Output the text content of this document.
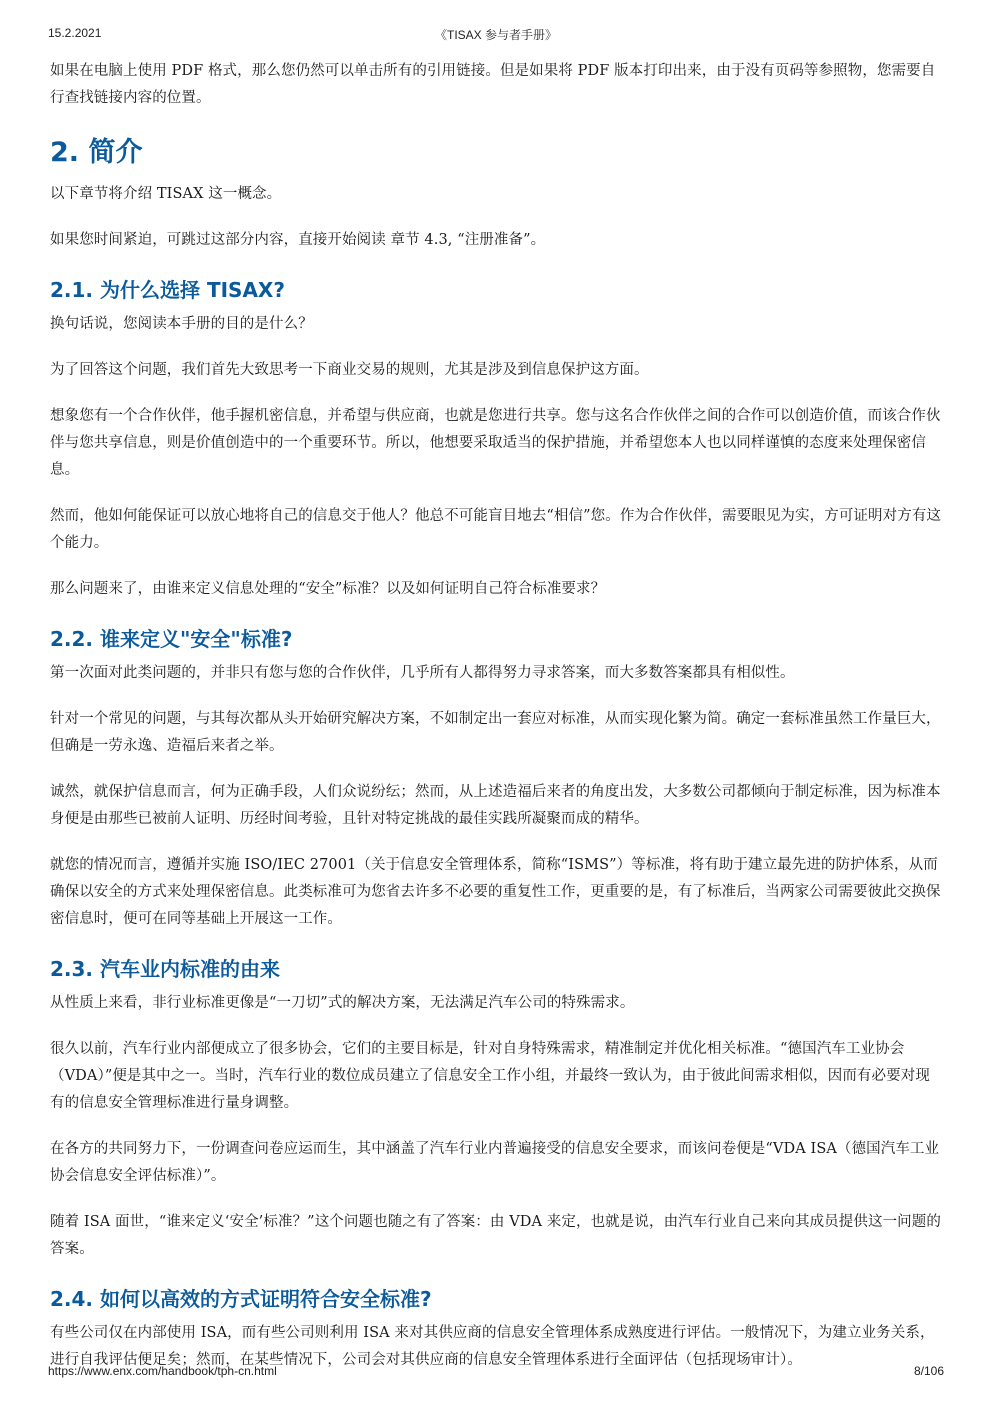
15.2.2021	《TISAX 参与者手册》

如果在电脑上使用 PDF 格式，那么您仍然可以单击所有的引用链接。但是如果将 PDF 版本打印出来，由于没有页码等参照物，您需要自行查找链接内容的位置。

2. 简介

以下章节将介绍 TISAX 这一概念。

如果您时间紧迫，可跳过这部分内容，直接开始阅读 章节 4.3, “注册准备”。

2.1. 为什么选择 TISAX?

换句话说，您阅读本手册的目的是什么？

为了回答这个问题，我们首先大致思考一下商业交易的规则，尤其是涉及到信息保护这方面。

想象您有一个合作伙伴，他手握机密信息，并希望与供应商，也就是您进行共享。您与这名合作伙伴之间的合作可以创造价值，而该合作伙伴与您共享信息，则是价值创造中的一个重要环节。所以，他想要采取适当的保护措施，并希望您本人也以同样谨慎的态度来处理保密信息。

然而，他如何能保证可以放心地将自己的信息交于他人？他总不可能盲目地去“相信”您。作为合作伙伴，需要眼见为实，方可证明对方有这个能力。

那么问题来了，由谁来定义信息处理的“安全”标准？以及如何证明自己符合标准要求？

2.2. 谁来定义"安全"标准?

第一次面对此类问题的，并非只有您与您的合作伙伴，几乎所有人都得努力寻求答案，而大多数答案都具有相似性。

针对一个常见的问题，与其每次都从头开始研究解决方案，不如制定出一套应对标准，从而实现化繁为简。确定一套标准虽然工作量巨大，但确是一劳永逸、造福后来者之举。

诚然，就保护信息而言，何为正确手段，人们众说纷纭；然而，从上述造福后来者的角度出发，大多数公司都倾向于制定标准，因为标准本身便是由那些已被前人证明、历经时间考验，且针对特定挑战的最佳实践所凝聚而成的精华。

就您的情况而言，遵循并实施 ISO/IEC 27001（关于信息安全管理体系，简称“ISMS”）等标准，将有助于建立最先进的防护体系，从而确保以安全的方式来处理保密信息。此类标准可为您省去许多不必要的重复性工作，更重要的是，有了标准后，当两家公司需要彼此交换保密信息时，便可在同等基础上开展这一工作。

2.3. 汽车业内标准的由来

从性质上来看，非行业标准更像是“一刀切”式的解决方案，无法满足汽车公司的特殊需求。

很久以前，汽车行业内部便成立了很多协会，它们的主要目标是，针对自身特殊需求，精准制定并优化相关标准。“德国汽车工业协会（VDA）”便是其中之一。当时，汽车行业的数位成员建立了信息安全工作小组，并最终一致认为，由于彼此间需求相似，因而有必要对现有的信息安全管理标准进行量身调整。

在各方的共同努力下，一份调查问卷应运而生，其中涵盖了汽车行业内普遍接受的信息安全要求，而该问卷便是“VDA ISA（德国汽车工业协会信息安全评估标准）”。

随着 ISA 面世，“谁来定义‘安全’标准？”这个问题也随之有了答案：由 VDA 来定，也就是说，由汽车行业自己来向其成员提供这一问题的答案。

2.4. 如何以高效的方式证明符合安全标准?

有些公司仅在内部使用 ISA，而有些公司则利用 ISA 来对其供应商的信息安全管理体系成熟度进行评估。一般情况下，为建立业务关系，进行自我评估便足矣；然而，在某些情况下，公司会对其供应商的信息安全管理体系进行全面评估（包括现场审计）。

https://www.enx.com/handbook/tph-cn.html	8/106
